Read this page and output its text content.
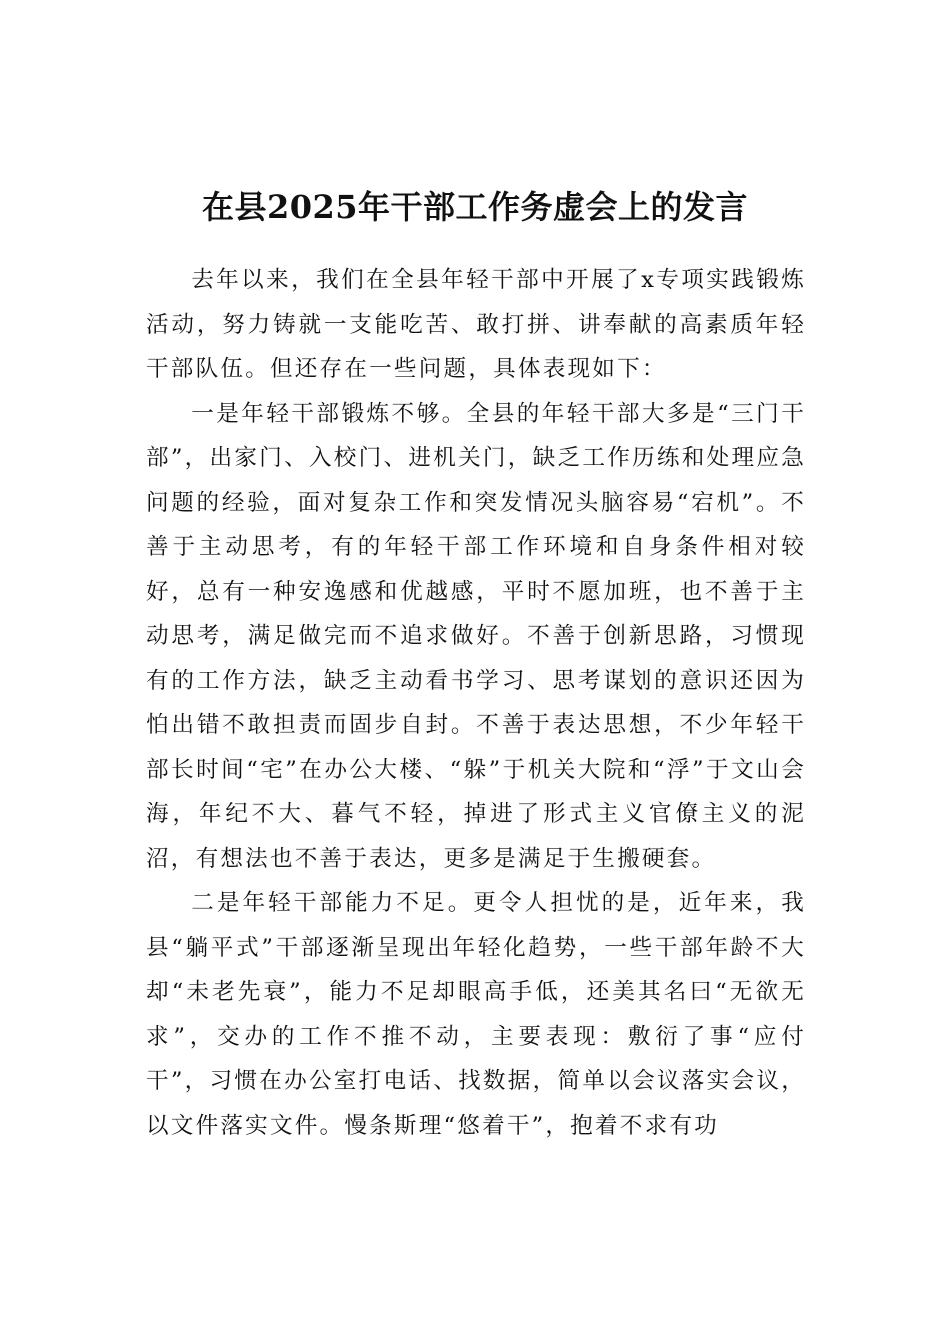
在县2025年干部工作务虚会上的发言

去年以来，我们在全县年轻干部中开展了x专项实践锻炼活动，努力铸就一支能吃苦、敢打拼、讲奉献的高素质年轻干部队伍。但还存在一些问题，具体表现如下：

一是年轻干部锻炼不够。全县的年轻干部大多是“三门干部”，出家门、入校门、进机关门，缺乏工作历练和处理应急问题的经验，面对复杂工作和突发情况头脑容易“宕机”。不善于主动思考，有的年轻干部工作环境和自身条件相对较好，总有一种安逸感和优越感，平时不愿加班，也不善于主动思考，满足做完而不追求做好。不善于创新思路，习惯现有的工作方法，缺乏主动看书学习、思考谋划的意识还因为怕出错不敢担责而固步自封。不善于表达思想，不少年轻干部长时间“宅”在办公大楼、“躲”于机关大院和“浮”于文山会海，年纪不大、暮气不轻，掉进了形式主义官僚主义的泥沼，有想法也不善于表达，更多是满足于生搬硬套。

二是年轻干部能力不足。更令人担忧的是，近年来，我县“躺平式”干部逐渐呈现出年轻化趋势，一些干部年龄不大却“未老先衰”，能力不足却眼高手低，还美其名曰“无欲无求”，交办的工作不推不动，主要表现：敷衍了事“应付干”，习惯在办公室打电话、找数据，简单以会议落实会议，以文件落实文件。慢条斯理“悠着干”，抱着不求有功
